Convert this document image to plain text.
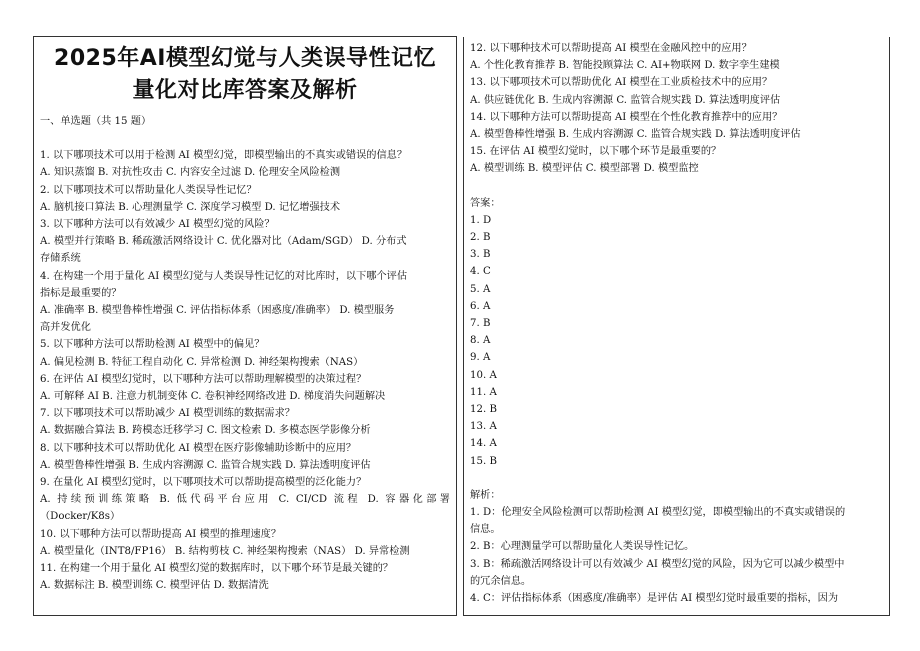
2025年AI模型幻觉与人类误导性记忆
量化对比库答案及解析
一、单选题（共 15 题）
1. 以下哪项技术可以用于检测 AI 模型幻觉，即模型输出的不真实或错误的信息？
A. 知识蒸馏 B. 对抗性攻击 C. 内容安全过滤 D. 伦理安全风险检测
2. 以下哪项技术可以帮助量化人类误导性记忆？
A. 脑机接口算法 B. 心理测量学 C. 深度学习模型 D. 记忆增强技术
3. 以下哪种方法可以有效减少 AI 模型幻觉的风险？
A. 模型并行策略 B. 稀疏激活网络设计 C. 优化器对比（Adam/SGD） D. 分布式
存储系统
4. 在构建一个用于量化 AI 模型幻觉与人类误导性记忆的对比库时，以下哪个评估
指标是最重要的？
A. 准确率 B. 模型鲁棒性增强 C. 评估指标体系（困惑度/准确率） D. 模型服务
高并发优化
5. 以下哪种方法可以帮助检测 AI 模型中的偏见？
A. 偏见检测 B. 特征工程自动化 C. 异常检测 D. 神经架构搜索（NAS）
6. 在评估 AI 模型幻觉时，以下哪种方法可以帮助理解模型的决策过程？
A. 可解释 AI B. 注意力机制变体 C. 卷积神经网络改进 D. 梯度消失问题解决
7. 以下哪项技术可以帮助减少 AI 模型训练的数据需求？
A. 数据融合算法 B. 跨模态迁移学习 C. 图文检索 D. 多模态医学影像分析
8. 以下哪种技术可以帮助优化 AI 模型在医疗影像辅助诊断中的应用？
A. 模型鲁棒性增强 B. 生成内容溯源 C. 监管合规实践 D. 算法透明度评估
9. 在量化 AI 模型幻觉时，以下哪项技术可以帮助提高模型的泛化能力？
A. 持续预训练策略 B. 低代码平台应用 C. CI/CD 流程 D. 容器化部署
（Docker/K8s）
10. 以下哪种方法可以帮助提高 AI 模型的推理速度？
A. 模型量化（INT8/FP16） B. 结构剪枝 C. 神经架构搜索（NAS） D. 异常检测
11. 在构建一个用于量化 AI 模型幻觉的数据库时，以下哪个环节是最关键的？
A. 数据标注 B. 模型训练 C. 模型评估 D. 数据清洗
12. 以下哪种技术可以帮助提高 AI 模型在金融风控中的应用？
A. 个性化教育推荐 B. 智能投顾算法 C. AI+物联网 D. 数字孪生建模
13. 以下哪项技术可以帮助优化 AI 模型在工业质检技术中的应用？
A. 供应链优化 B. 生成内容溯源 C. 监管合规实践 D. 算法透明度评估
14. 以下哪种方法可以帮助提高 AI 模型在个性化教育推荐中的应用？
A. 模型鲁棒性增强 B. 生成内容溯源 C. 监管合规实践 D. 算法透明度评估
15. 在评估 AI 模型幻觉时，以下哪个环节是最重要的？
A. 模型训练 B. 模型评估 C. 模型部署 D. 模型监控
答案：
1. D
2. B
3. B
4. C
5. A
6. A
7. B
8. A
9. A
10. A
11. A
12. B
13. A
14. A
15. B
解析：
1. D：伦理安全风险检测可以帮助检测 AI 模型幻觉，即模型输出的不真实或错误的
信息。
2. B：心理测量学可以帮助量化人类误导性记忆。
3. B：稀疏激活网络设计可以有效减少 AI 模型幻觉的风险，因为它可以减少模型中
的冗余信息。
4. C：评估指标体系（困惑度/准确率）是评估 AI 模型幻觉时最重要的指标，因为
